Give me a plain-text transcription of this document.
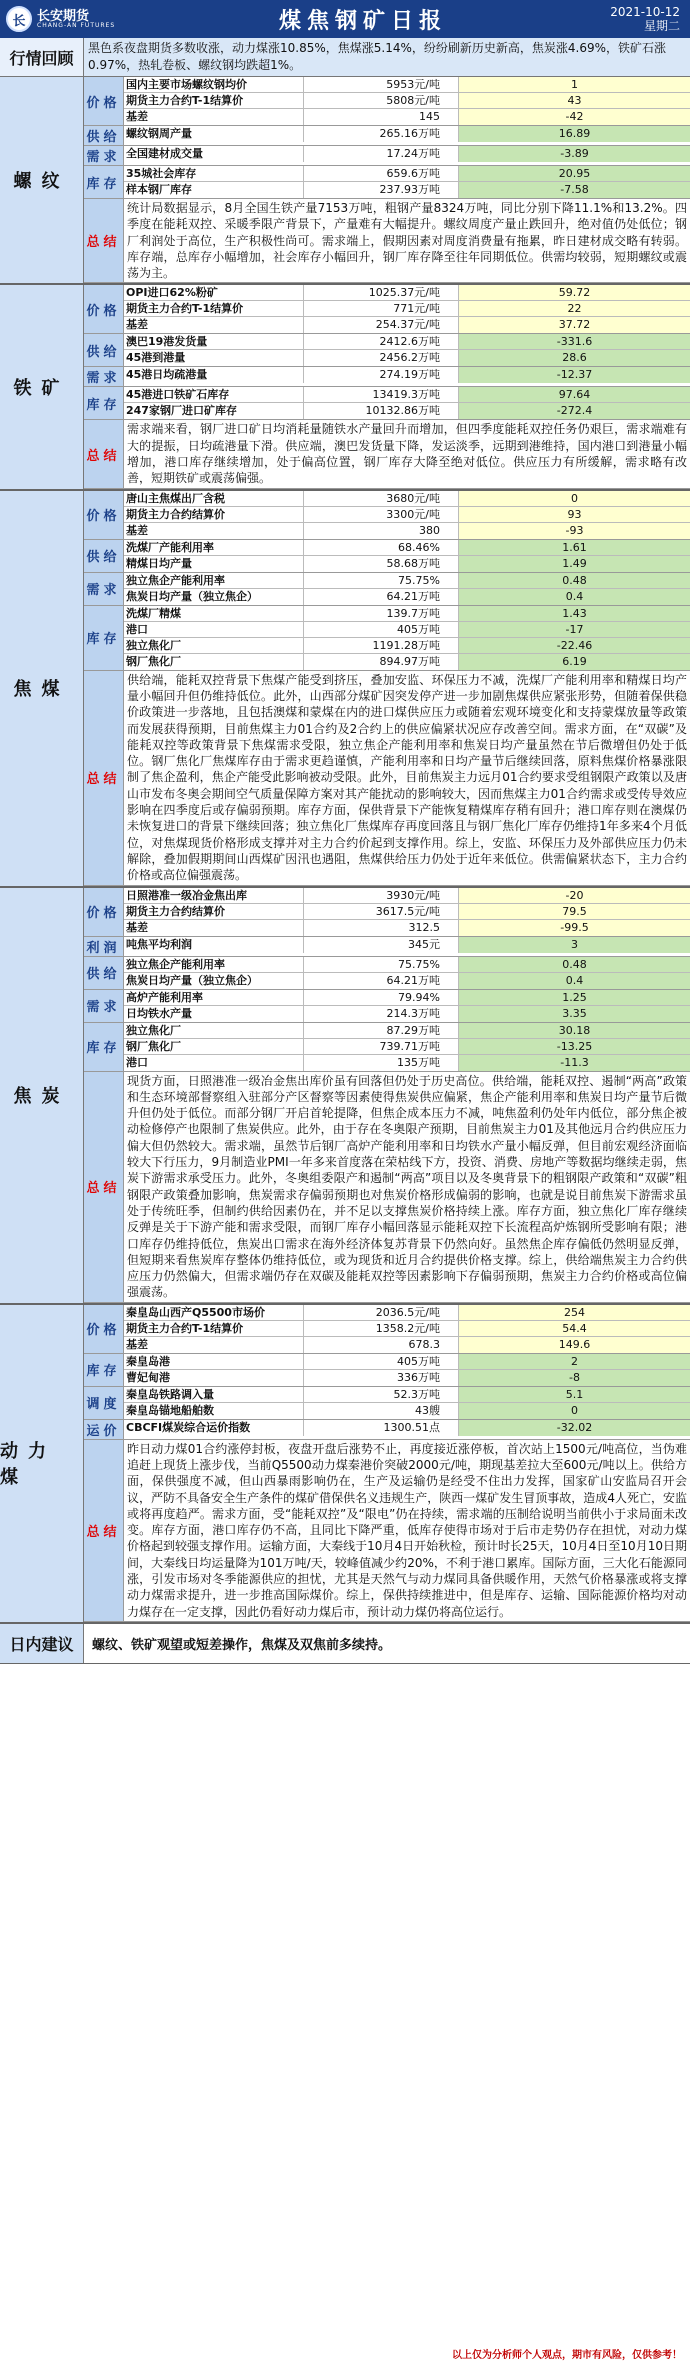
长 长安期货
CHANG-AN FUTURES	煤焦钢矿日报	2021-10-12
星期二
行情回顾
黑色系夜盘期货多数收涨，动力煤涨10.85%，焦煤涨5.14%，纷纷刷新历史新高，焦炭涨4.69%，铁矿石涨0.97%，热轧卷板、螺纹钢均跌超1%。
螺纹
价格
国内主要市场螺纹钢均价	5953元/吨	1
期货主力合约T-1结算价	5808元/吨	43
基差	145	-42
供给 螺纹钢周产量	265.16万吨	16.89
需求 全国建材成交量	17.24万吨	-3.89
库存
35城社会库存	659.6万吨	20.95
样本钢厂库存	237.93万吨	-7.58
总结
统计局数据显示，8月全国生铁产量7153万吨，粗钢产量8324万吨，同比分别下降11.1%和13.2%。四季度在能耗双控、采暖季限产背景下，产量难有大幅提升。螺纹周度产量止跌回升，绝对值仍处低位；钢厂利润处于高位，生产积极性尚可。需求端上，假期因素对周度消费量有拖累，昨日建材成交略有转弱。库存端，总库存小幅增加，社会库存小幅回升，钢厂库存降至往年同期低位。供需均较弱，短期螺纹或震荡为主。
铁矿
价格
OPI进口62%粉矿	1025.37元/吨	59.72
期货主力合约T-1结算价	771元/吨	22
基差	254.37元/吨	37.72
供给
澳巴19港发货量	2412.6万吨	-331.6
45港到港量	2456.2万吨	28.6
需求 45港日均疏港量	274.19万吨	-12.37
库存
45港进口铁矿石库存	13419.3万吨	97.64
247家钢厂进口矿库存	10132.86万吨	-272.4
总结
需求端来看，钢厂进口矿日均消耗量随铁水产量回升而增加，但四季度能耗双控任务仍艰巨，需求端难有大的提振，日均疏港量下滑。供应端，澳巴发货量下降，发运淡季，远期到港维持，国内港口到港量小幅增加，港口库存继续增加，处于偏高位置，钢厂库存大降至绝对低位。供应压力有所缓解，需求略有改善，短期铁矿或震荡偏强。
焦煤
价格
唐山主焦煤出厂含税	3680元/吨	0
期货主力合约结算价	3300元/吨	93
基差	380	-93
供给
洗煤厂产能利用率	68.46%	1.61
精煤日均产量	58.68万吨	1.49
需求
独立焦企产能利用率	75.75%	0.48
焦炭日均产量（独立焦企）	64.21万吨	0.4
库存
洗煤厂精煤	139.7万吨	1.43
港口	405万吨	-17
独立焦化厂	1191.28万吨	-22.46
钢厂焦化厂	894.97万吨	6.19
总结
供给端，能耗双控背景下焦煤产能受到挤压，叠加安监、环保压力不减，洗煤厂产能利用率和精煤日均产量小幅回升但仍维持低位。此外，山西部分煤矿因突发停产进一步加剧焦煤供应紧张形势，但随着保供稳价政策进一步落地，且包括澳煤和蒙煤在内的进口煤供应压力或随着宏观环境变化和支持蒙煤放量等政策而发展获得预期，目前焦煤主力01合约及2合约上的供应偏紧状况应存改善空间。需求方面，在“双碳”及能耗双控等政策背景下焦煤需求受限，独立焦企产能利用率和焦炭日均产量虽然在节后微增但仍处于低位。钢厂焦化厂焦煤库存由于需求更趋谨慎，产能利用率和日均产量节后继续回落，原料焦煤价格暴涨限制了焦企盈利，焦企产能受此影响被动受限。此外，目前焦炭主力远月01合约要求受组钢限产政策以及唐山市发布冬奥会期间空气质量保障方案对其产能扰动的影响较大，因而焦煤主力01合约需求或受传导效应影响在四季度后或存偏弱预期。库存方面，保供背景下产能恢复精煤库存稍有回升；港口库存则在澳煤仍未恢复进口的背景下继续回落；独立焦化厂焦煤库存再度回落且与钢厂焦化厂库存仍维持1年多来4个月低位，对焦煤现货价格形成支撑并对主力合约价起到支撑作用。综上，安监、环保压力及外部供应压力仍未解除，叠加假期期间山西煤矿因汛也遇阻，焦煤供给压力仍处于近年来低位。供需偏紧状态下，主力合约价格或高位偏强震荡。
焦炭
价格
日照港准一级冶金焦出库	3930元/吨	-20
期货主力合约结算价	3617.5元/吨	79.5
基差	312.5	-99.5
利润 吨焦平均利润	345元	3
供给
独立焦企产能利用率	75.75%	0.48
焦炭日均产量（独立焦企）	64.21万吨	0.4
需求
高炉产能利用率	79.94%	1.25
日均铁水产量	214.3万吨	3.35
库存
独立焦化厂	87.29万吨	30.18
钢厂焦化厂	739.71万吨	-13.25
港口	135万吨	-11.3
总结
现货方面，日照港准一级冶金焦出库价虽有回落但仍处于历史高位。供给端，能耗双控、遏制“两高”政策和生态环境部督察组入驻部分产区督察等因素使得焦炭供应偏紧，焦企产能利用率和焦炭日均产量节后微升但仍处于低位。而部分钢厂开启首轮提降，但焦企成本压力不减，吨焦盈利仍处年内低位，部分焦企被动检修停产也限制了焦炭供应。此外，由于存在冬奥限产预期，目前焦炭主力01及其他远月合约供应压力偏大但仍然较大。需求端，虽然节后钢厂高炉产能利用率和日均铁水产量小幅反弹，但目前宏观经济面临较大下行压力，9月制造业PMI一年多来首度落在荣枯线下方，投资、消费、房地产等数据均继续走弱，焦炭下游需求承受压力。此外，冬奥组委限产和遏制“两高”项目以及冬奥背景下的粗钢限产政策和“双碳”粗钢限产政策叠加影响，焦炭需求存偏弱预期也对焦炭价格形成偏弱的影响，也就是说目前焦炭下游需求虽处于传统旺季，但制约供给因素仍在，并不足以支撑焦炭价格持续上涨。库存方面，独立焦化厂库存继续反弹是关于下游产能和需求受限，而钢厂库存小幅回落显示能耗双控下长流程高炉炼钢所受影响有限；港口库存仍维持低位，焦炭出口需求在海外经济体复苏背景下仍然向好。虽然焦企库存偏低仍然明显反弹，但短期来看焦炭库存整体仍维持低位，或为现货和近月合约提供价格支撑。综上，供给端焦炭主力合约供应压力仍然偏大，但需求端仍存在双碳及能耗双控等因素影响下存偏弱预期，焦炭主力合约价格或高位偏强震荡。
动力煤
价格
秦皇岛山西产Q5500市场价	2036.5元/吨	254
期货主力合约T-1结算价	1358.2元/吨	54.4
基差	678.3	149.6
库存
秦皇岛港	405万吨	2
曹妃甸港	336万吨	-8
调度
秦皇岛铁路调入量	52.3万吨	5.1
秦皇岛锚地船舶数	43艘	0
运价 CBCFI煤炭综合运价指数	1300.51点	-32.02
总结
昨日动力煤01合约涨停封板，夜盘开盘后涨势不止，再度接近涨停板，首次站上1500元/吨高位，当伪难追赶上现货上涨步伐，当前Q5500动力煤秦港价突破2000元/吨，期现基差拉大至600元/吨以上。供给方面，保供强度不减，但山西暴雨影响仍在，生产及运输仍是经受不住出力发挥，国家矿山安监局召开会议，严防不具备安全生产条件的煤矿借保供名义违规生产，陕西一煤矿发生冒顶事故，造成4人死亡，安监或将再度趋严。需求方面，受“能耗双控”及“限电”仍在持续，需求端的压制给说明当前供小于求局面未改变。库存方面，港口库存仍不高，且同比下降严重，低库存使得市场对于后市走势仍存在担忧，对动力煤价格起到较强支撑作用。运输方面，大秦线于10月4日开始秋检，预计时长25天，10月4日至10月10日期间，大秦线日均运量降为101万吨/天，较峰值减少约20%，不利于港口累库。国际方面，三大化石能源同涨，引发市场对冬季能源供应的担忧，尤其是天然气与动力煤同具备供暖作用，天然气价格暴涨或将支撑动力煤需求提升，进一步推高国际煤价。综上，保供持续推进中，但是库存、运输、国际能源价格均对动力煤存在一定支撑，因此仍看好动力煤后市，预计动力煤仍将高位运行。
日内建议	螺纹、铁矿观望或短差操作，焦煤及双焦前多续持。
以上仅为分析师个人观点，期市有风险，仅供参考！
